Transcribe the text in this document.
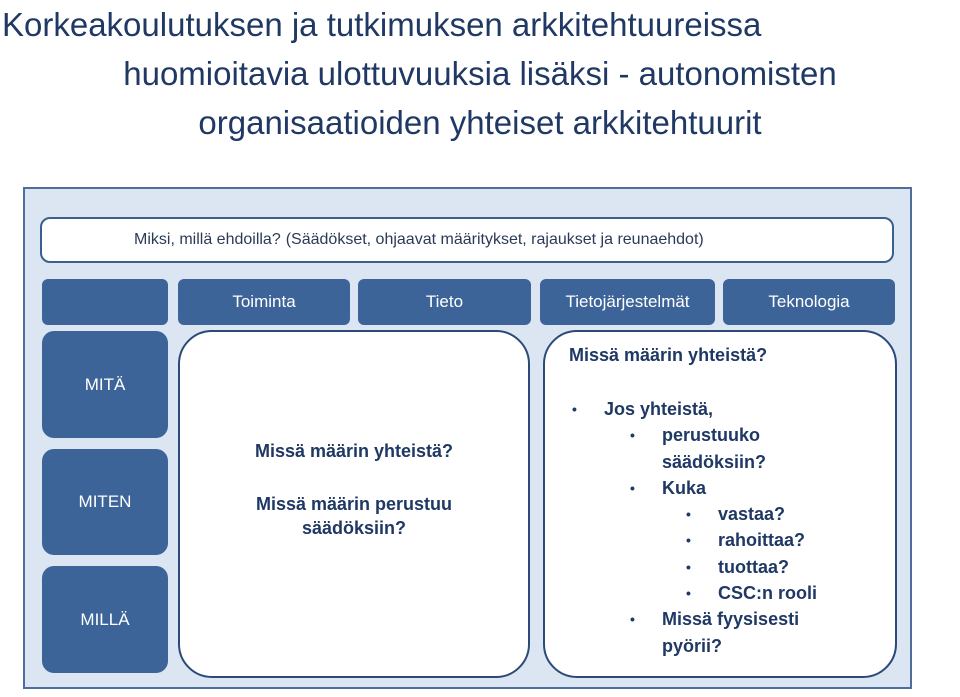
Korkeakoulutuksen ja tutkimuksen arkkitehtuureissa
huomioitavia ulottuvuuksia lisäksi - autonomisten
organisaatioiden yhteiset arkkitehtuurit
Miksi, millä ehdoilla? (Säädökset, ohjaavat määritykset, rajaukset ja reunaehdot)
Toiminta	Tieto	Tietojärjestelmät	Teknologia
MITÄ
MITEN
MILLÄ
Missä määrin yhteistä?
Missä määrin perustuu
säädöksiin?
Missä määrin yhteistä?
• Jos yhteistä,
• perustuuko
säädöksiin?
• Kuka
• vastaa?
• rahoittaa?
• tuottaa?
• CSC:n rooli
• Missä fyysisesti
pyörii?
